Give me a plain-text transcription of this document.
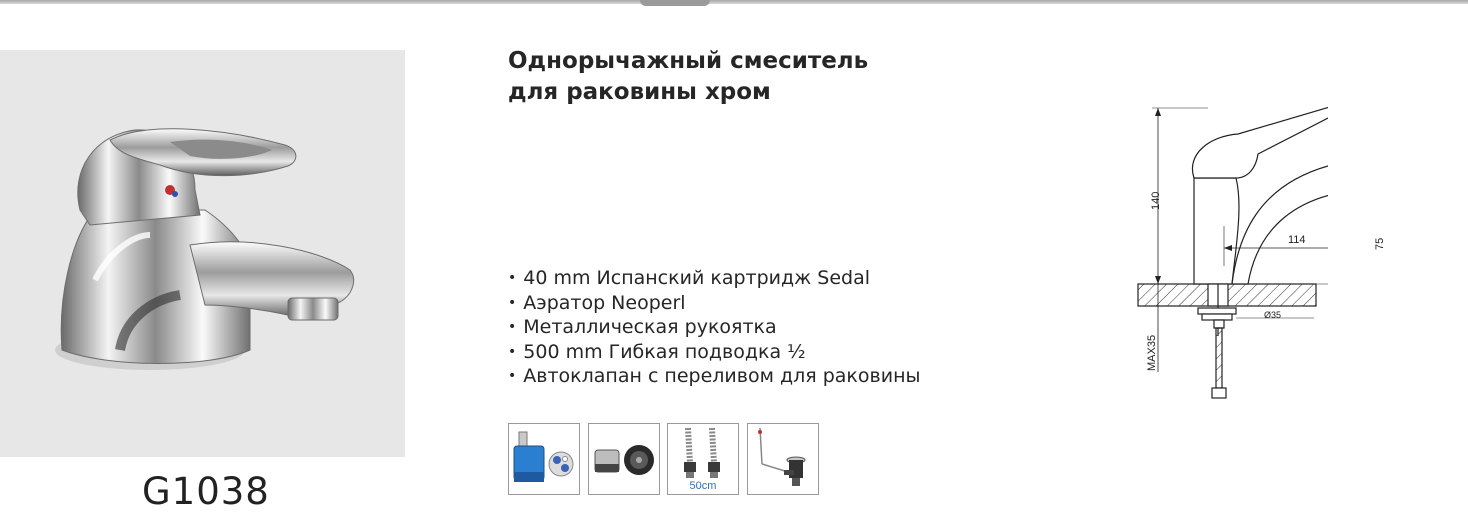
G1038
Однорычажный смеситель
для раковины хром
• 40 mm Испанский картридж Sedal
• Аэратор Neoperl
• Металлическая рукоятка
• 500 mm Гибкая подводка ½
• Автоклапан с переливом для раковины
50cm
140
75
114
Ø35
MAX35
